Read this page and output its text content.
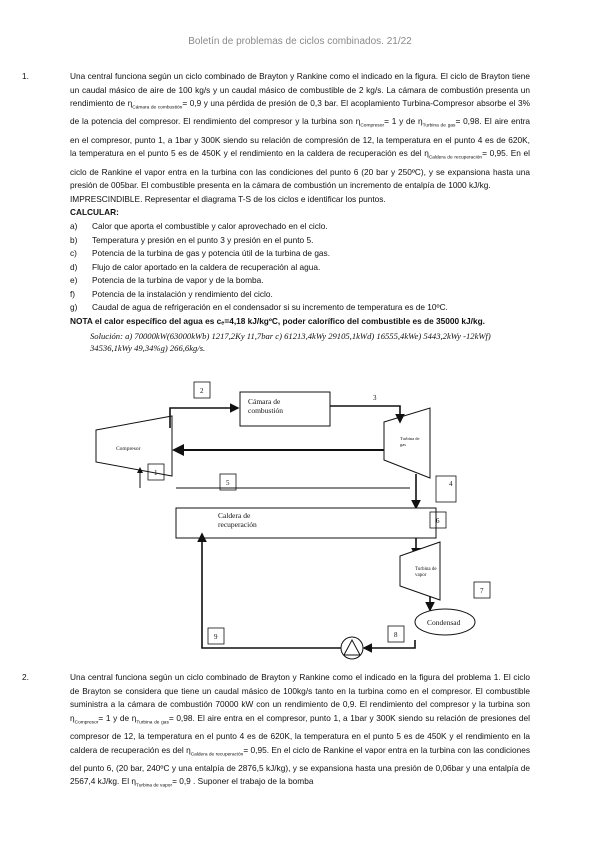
Boletín de problemas de ciclos combinados. 21/22
1.	Una central funciona según un ciclo combinado de Brayton y Rankine como el indicado en la figura. El ciclo de Brayton tiene un caudal másico de aire de 100 kg/s y un caudal másico de combustible de 2 kg/s. La cámara de combustión presenta un rendimiento de $\eta_{Cámara de combustión}= 0,9$ y una pérdida de presión de 0,3 bar. El acoplamiento Turbina-Compresor absorbe el 3% de la potencia del compresor. El rendimiento del compresor y la turbina son $\eta_{Compresor}= 1$ y de $\eta_{Turbina de gas}= 0,98$. El aire entra en el compresor, punto 1, a 1bar y 300K siendo su relación de compresión de 12, la temperatura en el punto 4 es de 620K, la temperatura en el punto 5 es de 450K y el rendimiento en la caldera de recuperación es del $\eta_{Caldera de recuperación}= 0,95$. En el ciclo de Rankine el vapor entra en la turbina con las condiciones del punto 6 (20 bar y 250ºC), y se expansiona hasta una presión de 005bar. El combustible presenta en la cámara de combustión un incremento de entalpía de 1000 kJ/kg.

IMPRESCINDIBLE. Representar el diagrama T-S de los ciclos e identificar los puntos.
CALCULAR:
a) Calor que aporta el combustible y calor aprovechado en el ciclo.
b) Temperatura y presión en el punto 3 y presión en el punto 5.
c) Potencia de la turbina de gas y potencia útil de la turbina de gas.
d) Flujo de calor aportado en la caldera de recuperación al agua.
e) Potencia de la turbina de vapor y de la bomba.
f) Potencia de la instalación y rendimiento del ciclo.
g) Caudal de agua de refrigeración en el condensador si su incremento de temperatura es de 10ºC.
NOTA el calor específico del agua es cₑ=4,18 kJ/kgºC, poder calorífico del combustible es de 35000 kJ/kg.
Solución: a) 70000kW(63000kWb) 1217,2Ky 11,7bar c) 61213,4kWy 29105,1kWd) 16555,4kWe) 5443,2kWy -12kWf) 34536,1kWy 49,34%g) 266,6kg/s.
Cámara de
combustión
Compresor
Turbina de
gas
Caldera de
recuperación
Turbina de
vapor
Condensad
2
1
3
5	4
6
7
8
9
2.	Una central funciona según un ciclo combinado de Brayton y Rankine como el indicado en la figura del problema 1. El ciclo de Brayton se considera que tiene un caudal másico de 100kg/s tanto en la turbina como en el compresor. El combustible suministra a la cámara de combustión 70000 kW con un rendimiento de 0,9. El rendimiento del compresor y la turbina son $\eta_{Compresor}= 1$ y de $\eta_{Turbina de gas}= 0,98$. El aire entra en el compresor, punto 1, a 1bar y 300K siendo su relación de presiones del compresor de 12, la temperatura en el punto 4 es de 620K, la temperatura en el punto 5 es de 450K y el rendimiento en la caldera de recuperación es del $\eta_{Caldera de recuperación}= 0,95$. En el ciclo de Rankine el vapor entra en la turbina con las condiciones del punto 6, (20 bar, 240ºC y una entalpía de 2876,5 kJ/kg), y se expansiona hasta una presión de 0,06bar y una entalpía de 2567,4 kJ/kg. El $\eta_{Turbina de vapor}= 0,9$ . Suponer el trabajo de la bomba
